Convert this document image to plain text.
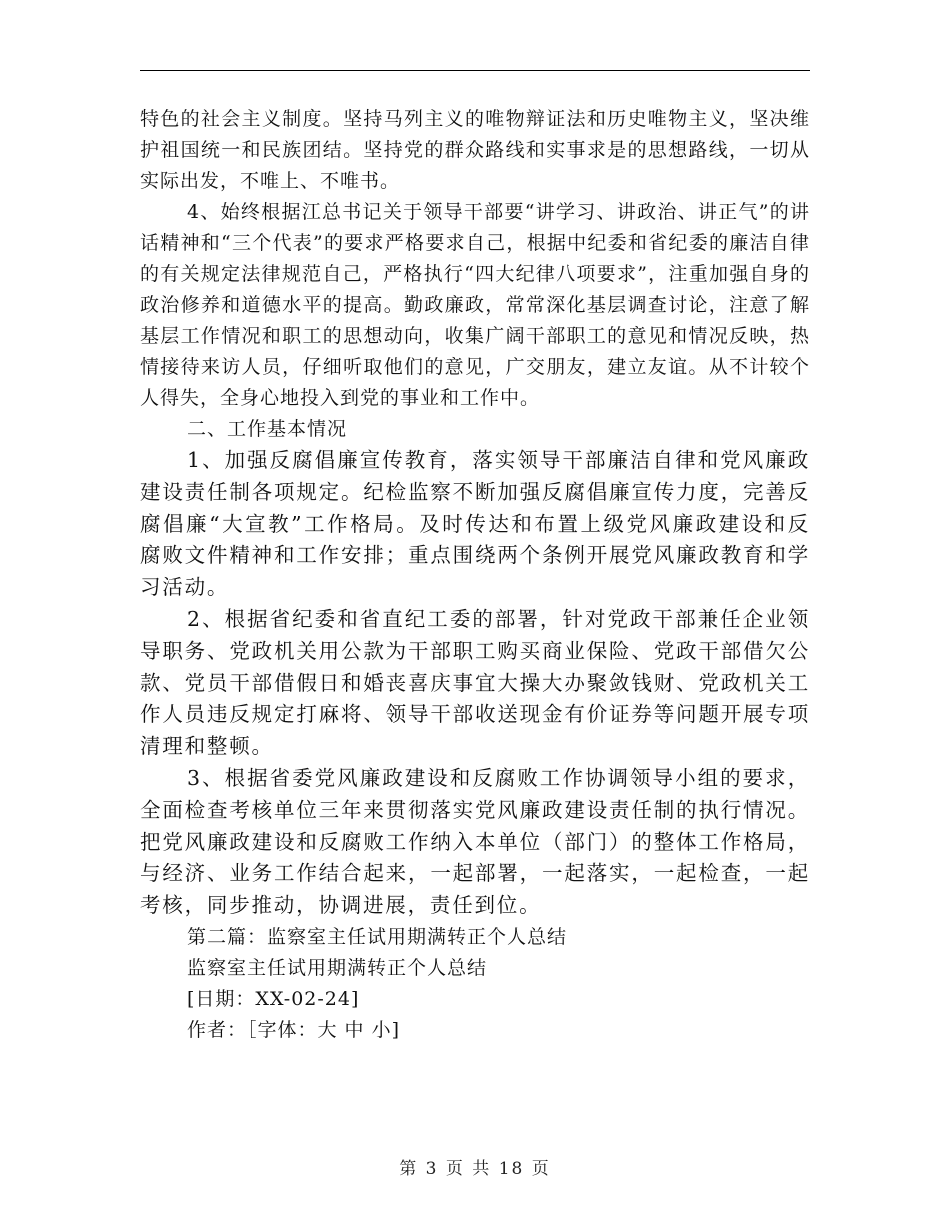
特色的社会主义制度。坚持马列主义的唯物辩证法和历史唯物主义，坚决维护祖国统一和民族团结。坚持党的群众路线和实事求是的思想路线，一切从实际出发，不唯上、不唯书。

4、始终根据江总书记关于领导干部要“讲学习、讲政治、讲正气”的讲话精神和“三个代表”的要求严格要求自己，根据中纪委和省纪委的廉洁自律的有关规定法律规范自己，严格执行“四大纪律八项要求”，注重加强自身的政治修养和道德水平的提高。勤政廉政，常常深化基层调查讨论，注意了解基层工作情况和职工的思想动向，收集广阔干部职工的意见和情况反映，热情接待来访人员，仔细听取他们的意见，广交朋友，建立友谊。从不计较个人得失，全身心地投入到党的事业和工作中。

二、工作基本情况

1、加强反腐倡廉宣传教育，落实领导干部廉洁自律和党风廉政建设责任制各项规定。纪检监察不断加强反腐倡廉宣传力度，完善反腐倡廉“大宣教”工作格局。及时传达和布置上级党风廉政建设和反腐败文件精神和工作安排；重点围绕两个条例开展党风廉政教育和学习活动。

2、根据省纪委和省直纪工委的部署，针对党政干部兼任企业领导职务、党政机关用公款为干部职工购买商业保险、党政干部借欠公款、党员干部借假日和婚丧喜庆事宜大操大办聚敛钱财、党政机关工作人员违反规定打麻将、领导干部收送现金有价证券等问题开展专项清理和整顿。

3、根据省委党风廉政建设和反腐败工作协调领导小组的要求，全面检查考核单位三年来贯彻落实党风廉政建设责任制的执行情况。把党风廉政建设和反腐败工作纳入本单位（部门）的整体工作格局，与经济、业务工作结合起来，一起部署，一起落实，一起检查，一起考核，同步推动，协调进展，责任到位。

第二篇：监察室主任试用期满转正个人总结

监察室主任试用期满转正个人总结

[日期：XX-02-24]

作者：［字体：大 中 小]

第 3 页 共 18 页
